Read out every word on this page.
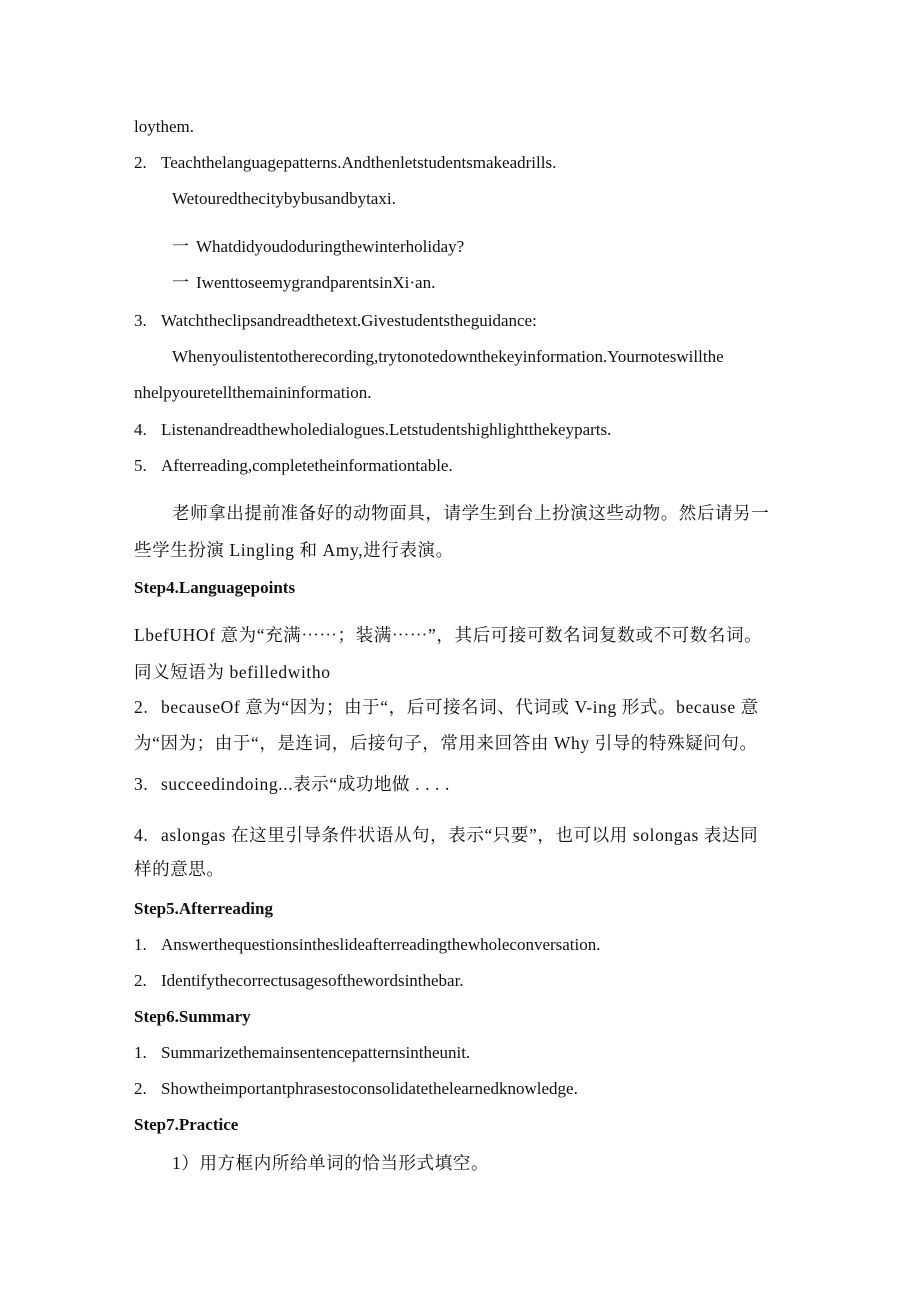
loythem.
2. Teachthelanguagepatterns.Andthenletstudentsmakeadrills.
Wetouredthecitybybusandbytaxi.
一 Whatdidyoudoduringthewinterholiday?
一 IwenttoseemygrandparentsinXi·an.
3. Watchtheclipsandreadthetext.Givestudentstheguidance:
Whenyoulistentotherecording,trytonotedownthekeyinformation.Yournoteswillthe
nhelpyouretellthemaininformation.
4. Listenandreadthewholedialogues.Letstudentshighlightthekeyparts.
5. Afterreading,completetheinformationtable.
老师拿出提前准备好的动物面具，请学生到台上扮演这些动物。然后请另一
些学生扮演 Lingling 和 Amy,进行表演。
Step4.Languagepoints
LbefUHOf 意为“充满⋯⋯；装满⋯⋯”，其后可接可数名词复数或不可数名词。
同义短语为 befilledwitho
2. becauseOf 意为“因为；由于“，后可接名词、代词或 V-ing 形式。because 意
为“因为；由于“，是连词，后接句子，常用来回答由 Why 引导的特殊疑问句。
3. succeedindoing...表示“成功地做 . . . .
4. aslongas 在这里引导条件状语从句，表示“只要”，也可以用 solongas 表达同
样的意思。
Step5.Afterreading
1. Answerthequestionsintheslideafterreadingthewholeconversation.
2. Identifythecorrectusagesofthewordsinthebar.
Step6.Summary
1. Summarizethemainsentencepatternsintheunit.
2. Showtheimportantphrasestoconsolidatethelearnedknowledge.
Step7.Practice
1）用方框内所给单词的恰当形式填空。
